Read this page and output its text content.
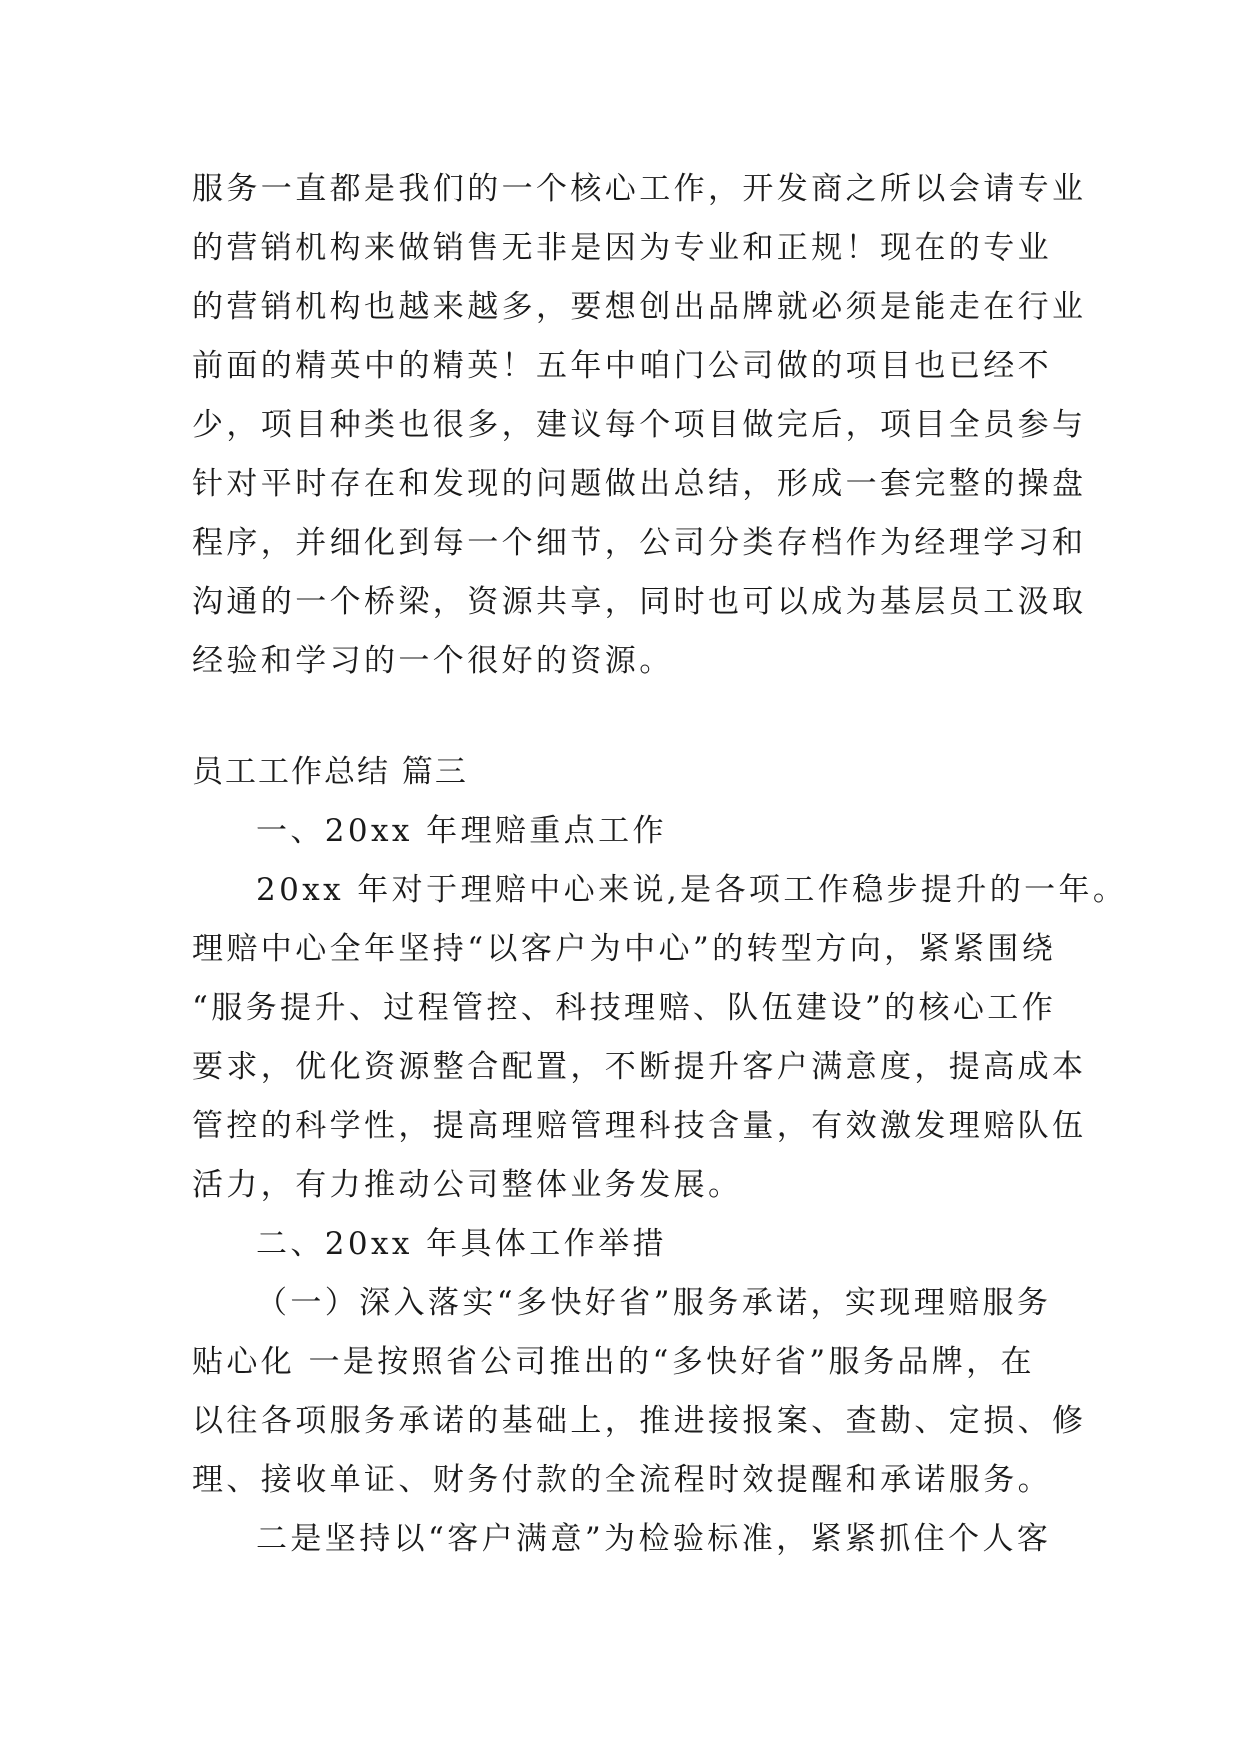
服务一直都是我们的一个核心工作，开发商之所以会请专业
的营销机构来做销售无非是因为专业和正规！现在的专业
的营销机构也越来越多，要想创出品牌就必须是能走在行业
前面的精英中的精英！五年中咱门公司做的项目也已经不
少，项目种类也很多，建议每个项目做完后，项目全员参与
针对平时存在和发现的问题做出总结，形成一套完整的操盘
程序，并细化到每一个细节，公司分类存档作为经理学习和
沟通的一个桥梁，资源共享，同时也可以成为基层员工汲取
经验和学习的一个很好的资源。
员工工作总结 篇三
一、20xx 年理赔重点工作
20xx 年对于理赔中心来说,是各项工作稳步提升的一年。
理赔中心全年坚持“以客户为中心”的转型方向，紧紧围绕
“服务提升、过程管控、科技理赔、队伍建设”的核心工作
要求，优化资源整合配置，不断提升客户满意度，提高成本
管控的科学性，提高理赔管理科技含量，有效激发理赔队伍
活力，有力推动公司整体业务发展。
二、20xx 年具体工作举措
（一）深入落实“多快好省”服务承诺，实现理赔服务
贴心化 一是按照省公司推出的“多快好省”服务品牌，在
以往各项服务承诺的基础上，推进接报案、查勘、定损、修
理、接收单证、财务付款的全流程时效提醒和承诺服务。
二是坚持以“客户满意”为检验标准，紧紧抓住个人客
